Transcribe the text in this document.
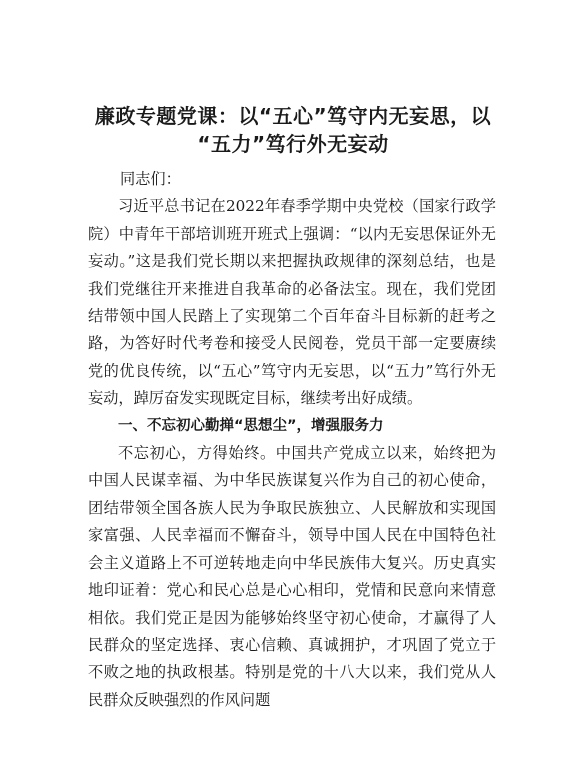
廉政专题党课：以“五心”笃守内无妄思，以
“五力”笃行外无妄动

同志们：

习近平总书记在2022年春季学期中央党校（国家行政学院）中青年干部培训班开班式上强调：“以内无妄思保证外无妄动。”这是我们党长期以来把握执政规律的深刻总结，也是我们党继往开来推进自我革命的必备法宝。现在，我们党团结带领中国人民踏上了实现第二个百年奋斗目标新的赶考之路，为答好时代考卷和接受人民阅卷，党员干部一定要赓续党的优良传统，以“五心”笃守内无妄思，以“五力”笃行外无妄动，踔厉奋发实现既定目标，继续考出好成绩。

一、不忘初心勤掸“思想尘”，增强服务力

不忘初心，方得始终。中国共产党成立以来，始终把为中国人民谋幸福、为中华民族谋复兴作为自己的初心使命，团结带领全国各族人民为争取民族独立、人民解放和实现国家富强、人民幸福而不懈奋斗，领导中国人民在中国特色社会主义道路上不可逆转地走向中华民族伟大复兴。历史真实地印证着：党心和民心总是心心相印，党情和民意向来情意相依。我们党正是因为能够始终坚守初心使命，才赢得了人民群众的坚定选择、衷心信赖、真诚拥护，才巩固了党立于不败之地的执政根基。特别是党的十八大以来，我们党从人民群众反映强烈的作风问题
